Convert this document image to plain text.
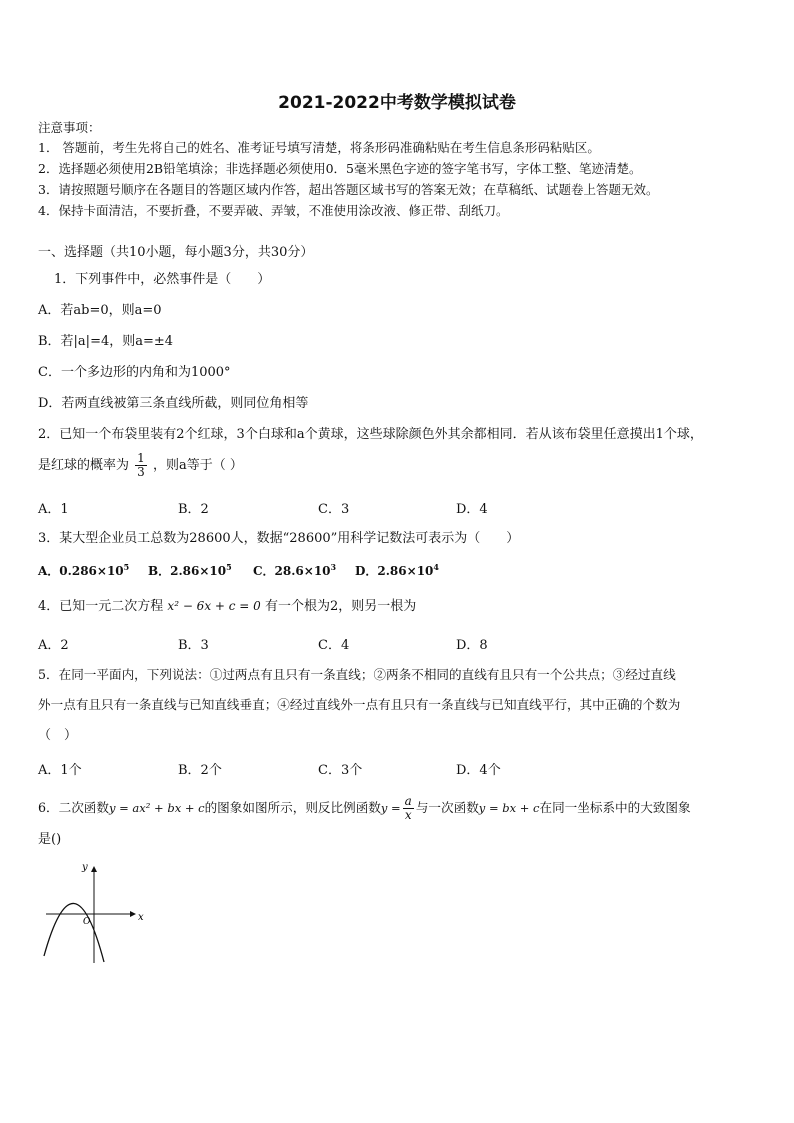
2021-2022中考数学模拟试卷
注意事项：
1． 答题前，考生先将自己的姓名、准考证号填写清楚，将条形码准确粘贴在考生信息条形码粘贴区。
2．选择题必须使用2B铅笔填涂；非选择题必须使用0．5毫米黑色字迹的签字笔书写，字体工整、笔迹清楚。
3．请按照题号顺序在各题目的答题区域内作答，超出答题区域书写的答案无效；在草稿纸、试题卷上答题无效。
4．保持卡面清洁，不要折叠，不要弄破、弄皱，不准使用涂改液、修正带、刮纸刀。
一、选择题（共10小题，每小题3分，共30分）
1．下列事件中，必然事件是（　　）
A．若ab=0，则a=0
B．若|a|=4，则a=±4
C．一个多边形的内角和为1000°
D．若两直线被第三条直线所截，则同位角相等
2．已知一个布袋里装有2个红球，3个白球和a个黄球，这些球除颜色外其余都相同．若从该布袋里任意摸出1个球，
是红球的概率为 $\frac{1}{3}$ ，则a等于（ ）
A．1	B．2	C．3	D．4
3．某大型企业员工总数为28600人，数据“28600”用科学记数法可表示为（　　）
A．$0.286\times 10^5$ B．$2.86\times 10^5$ C．$28.6\times 10^3$ D．$2.86\times 10^4$
4．已知一元二次方程 x² − 6x + c = 0 有一个根为2，则另一根为
A．2	B．3	C．4	D．8
5．在同一平面内，下列说法：①过两点有且只有一条直线；②两条不相同的直线有且只有一个公共点；③经过直线
外一点有且只有一条直线与已知直线垂直；④经过直线外一点有且只有一条直线与已知直线平行，其中正确的个数为
（　）
A．1个	B．2个	C．3个	D．4个
6．二次函数y = ax² + bx + c的图象如图所示，则反比例函数$y = \frac{a}{x}$ 与一次函数y = bx + c在同一坐标系中的大致图象
是()
y
x
O
